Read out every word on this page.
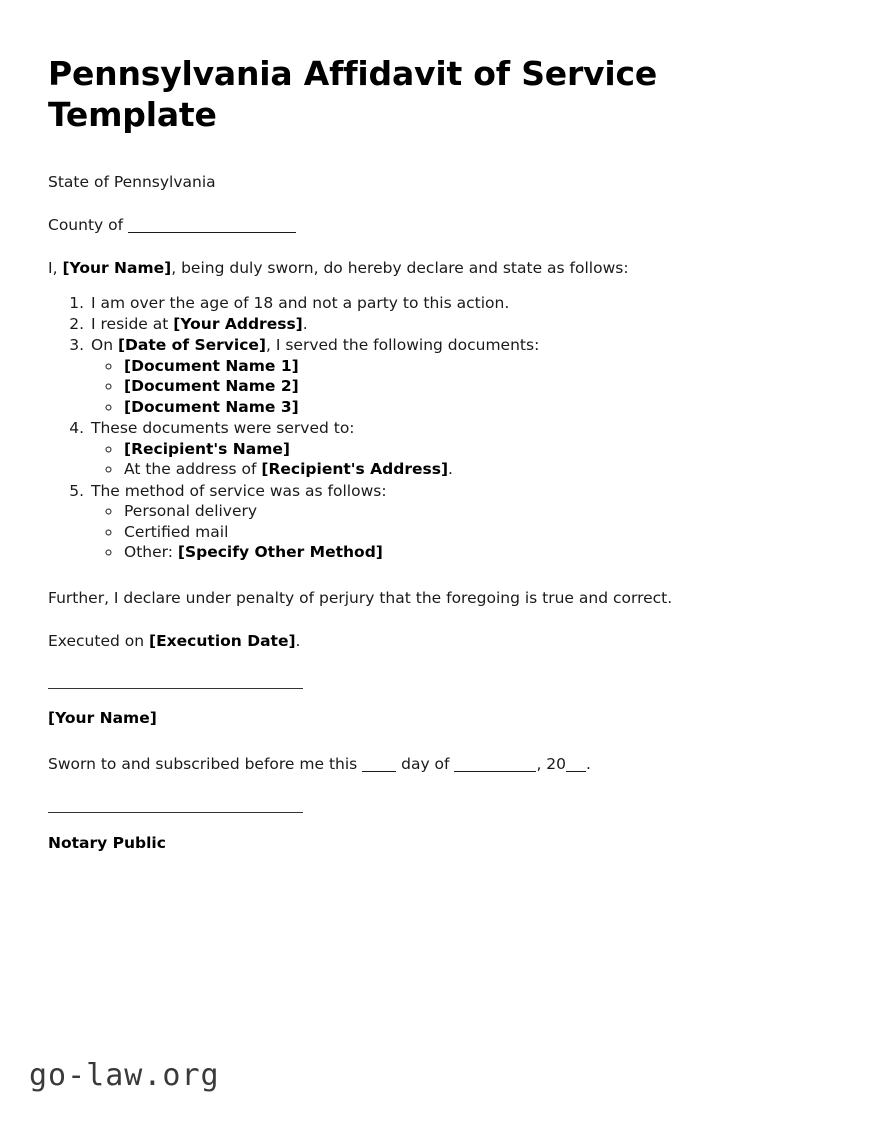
Pennsylvania Affidavit of Service Template

State of Pennsylvania

County of

I, [Your Name], being duly sworn, do hereby declare and state as follows:

1. I am over the age of 18 and not a party to this action.
2. I reside at [Your Address].
3. On [Date of Service], I served the following documents:
◦ [Document Name 1]
◦ [Document Name 2]
◦ [Document Name 3]
4. These documents were served to:
◦ [Recipient's Name]
◦ At the address of [Recipient's Address].
5. The method of service was as follows:
◦ Personal delivery
◦ Certified mail
◦ Other: [Specify Other Method]

Further, I declare under penalty of perjury that the foregoing is true and correct.

Executed on [Execution Date].

[Your Name]

Sworn to and subscribed before me this	day of	, 20 .

Notary Public
go-law.org
